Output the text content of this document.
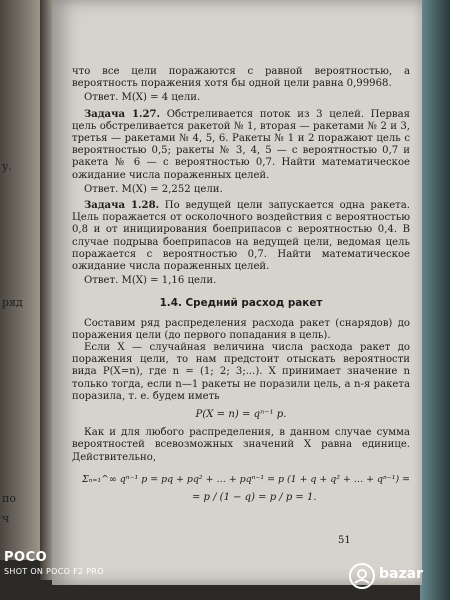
у.
ряд
по
ч

что все цели поражаются с равной вероятностью, а вероятность поражения хотя бы одной цели равна 0,99968.

Ответ. M(X) = 4 цели.

Задача 1.27. Обстреливается поток из 3 целей. Первая цель обстреливается ракетой № 1, вторая — ракетами № 2 и 3, третья — ракетами № 4, 5, 6. Ракеты № 1 и 2 поражают цель с вероятностью 0,5; ракеты № 3, 4, 5 — с вероятностью 0,7 и ракета № 6 — с вероятностью 0,7. Найти математическое ожидание числа пораженных целей.

Ответ. M(X) = 2,252 цели.

Задача 1.28. По ведущей цели запускается одна ракета. Цель поражается от осколочного воздействия с вероятностью 0,8 и от инициирования боеприпасов с вероятностью 0,4. В случае подрыва боеприпасов на ведущей цели, ведомая цель поражается с вероятностью 0,7. Найти математическое ожидание числа пораженных целей.

Ответ. M(X) = 1,16 цели.

1.4. Средний расход ракет

Составим ряд распределения расхода ракет (снарядов) до поражения цели (до первого попадания в цель).

Если X — случайная величина числа расхода ракет до поражения цели, то нам предстоит отыскать вероятности вида P(X=n), где n = (1; 2; 3;...). X принимает значение n только тогда, если n—1 ракеты не поразили цель, а n-я ракета поразила, т. е. будем иметь

P(X = n) = qⁿ⁻¹ p.

Как и для любого распределения, в данном случае сумма вероятностей всевозможных значений X равна единице. Действительно,

Σₙ₌₁^∞ qⁿ⁻¹ p = pq + pq² + … + pqⁿ⁻¹ = p (1 + q + q² + … + qⁿ⁻¹) =

= p / (1 − q) = p / p = 1.

51
POCO
SHOT ON POCO F2 PRO	bazar
